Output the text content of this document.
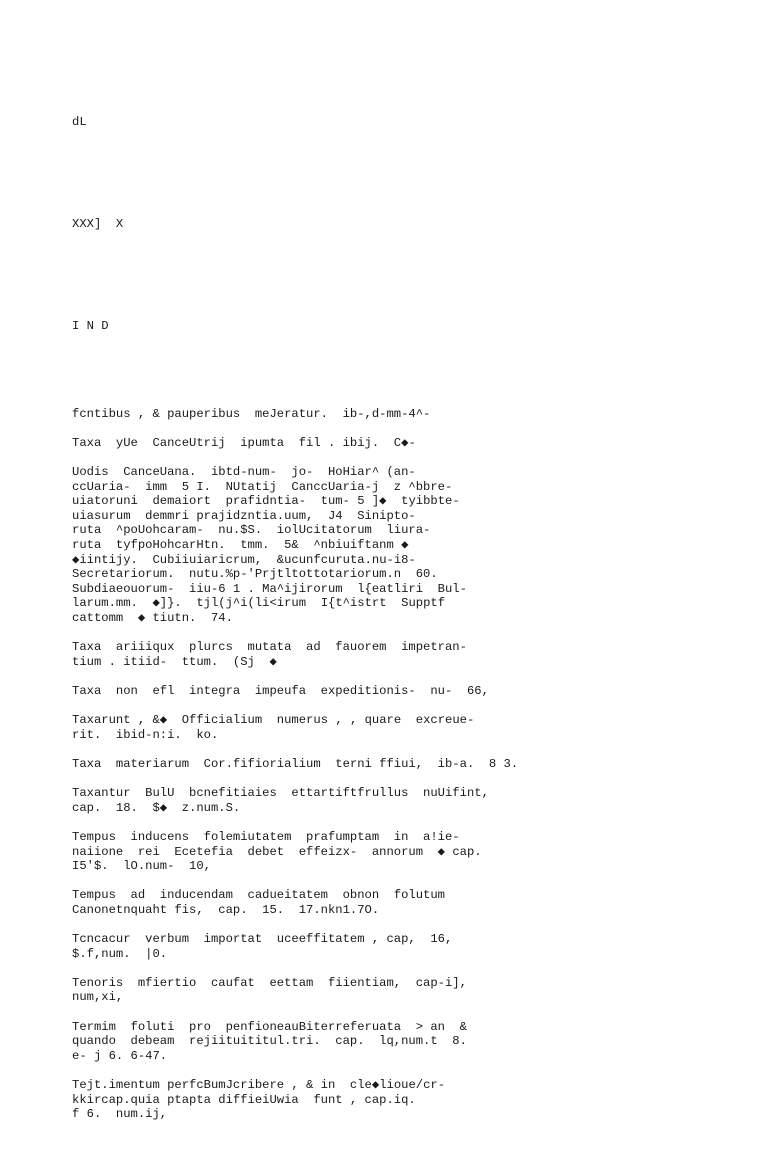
dL

XXX]  X

I N D

fcntibus , & pauperibus  meJeratur.  ib-,d-mm-4^-
Taxa  yUe  CanceUtrij  ipumta  fil . ibij.  C◆-
Uodis  CanceUana.  ibtd-num-  jo-  HoHiar^ (an-
ccUaria-  imm  5 I.  NUtatij  CanccUaria-j  z ^bbre-
uiatoruni  demaiort  prafidntia-  tum- 5 ]◆  tyibbte-
uiasurum  demmri prajidzntia.uum,  J4  Sinipto-
ruta  ^poUohcaram-  nu.$S.  iolUcitatorum  liura-
ruta  tyfpoHohcarHtn.  tmm.  5&  ^nbiuiftanm ◆
◆iintijy.  Cubiiuiaricrum,  &ucunfcuruta.nu-i8-
Secretariorum.  nutu.%p-'Prjtltottotariorum.n  60.
Subdiaeouorum-  iiu-6 1 . Ma^ijirorum  l{eatliri  Bul-
larum.mm.  ◆]}.  tjl(j^i(li<irum  I{t^istrt  Supptf
cattomm  ◆ tiutn.  74.
Taxa  ariiiqux  plurcs  mutata  ad  fauorem  impetran-
tium . itiid-  ttum.  (Sj  ◆
Taxa  non  efl  integra  impeufa  expeditionis-  nu-  66,
Taxarunt , &◆  Officialium  numerus , , quare  excreue-
rit.  ibid-n:i.  ko.
Taxa  materiarum  Cor.fifiorialium  terni ffiui,  ib-a.  8 3.
Taxantur  BulU  bcnefitiaies  ettartiftfrullus  nuUifint,
cap.  18.  $◆  z.num.S.
Tempus  inducens  folemiutatem  prafumptam  in  a!ie-
naiione  rei  Ecetefia  debet  effeizx-  annorum  ◆ cap.
I5'$.  lO.num-  10,
Tempus  ad  inducendam  cadueitatem  obnon  folutum
Canonetnquaht fis,  cap.  15.  17.nkn1.7O.
Tcncacur  verbum  importat  uceeffitatem , cap,  16,
$.f,num.  |0.
Tenoris  mfiertio  caufat  eettam  fiientiam,  cap-i],
num,xi,
Termim  foluti  pro  penfioneauBiterreferuata  > an  &
quando  debeam  rejiituititul.tri.  cap.  lq,num.t  8.
e- j 6. 6-47.
Tejt.imentum perfcBumJcribere , & in  cle◆lioue/cr-
kkircap.quia ptapta diffieiUwia  funt , cap.iq.
f 6.  num.ij,
